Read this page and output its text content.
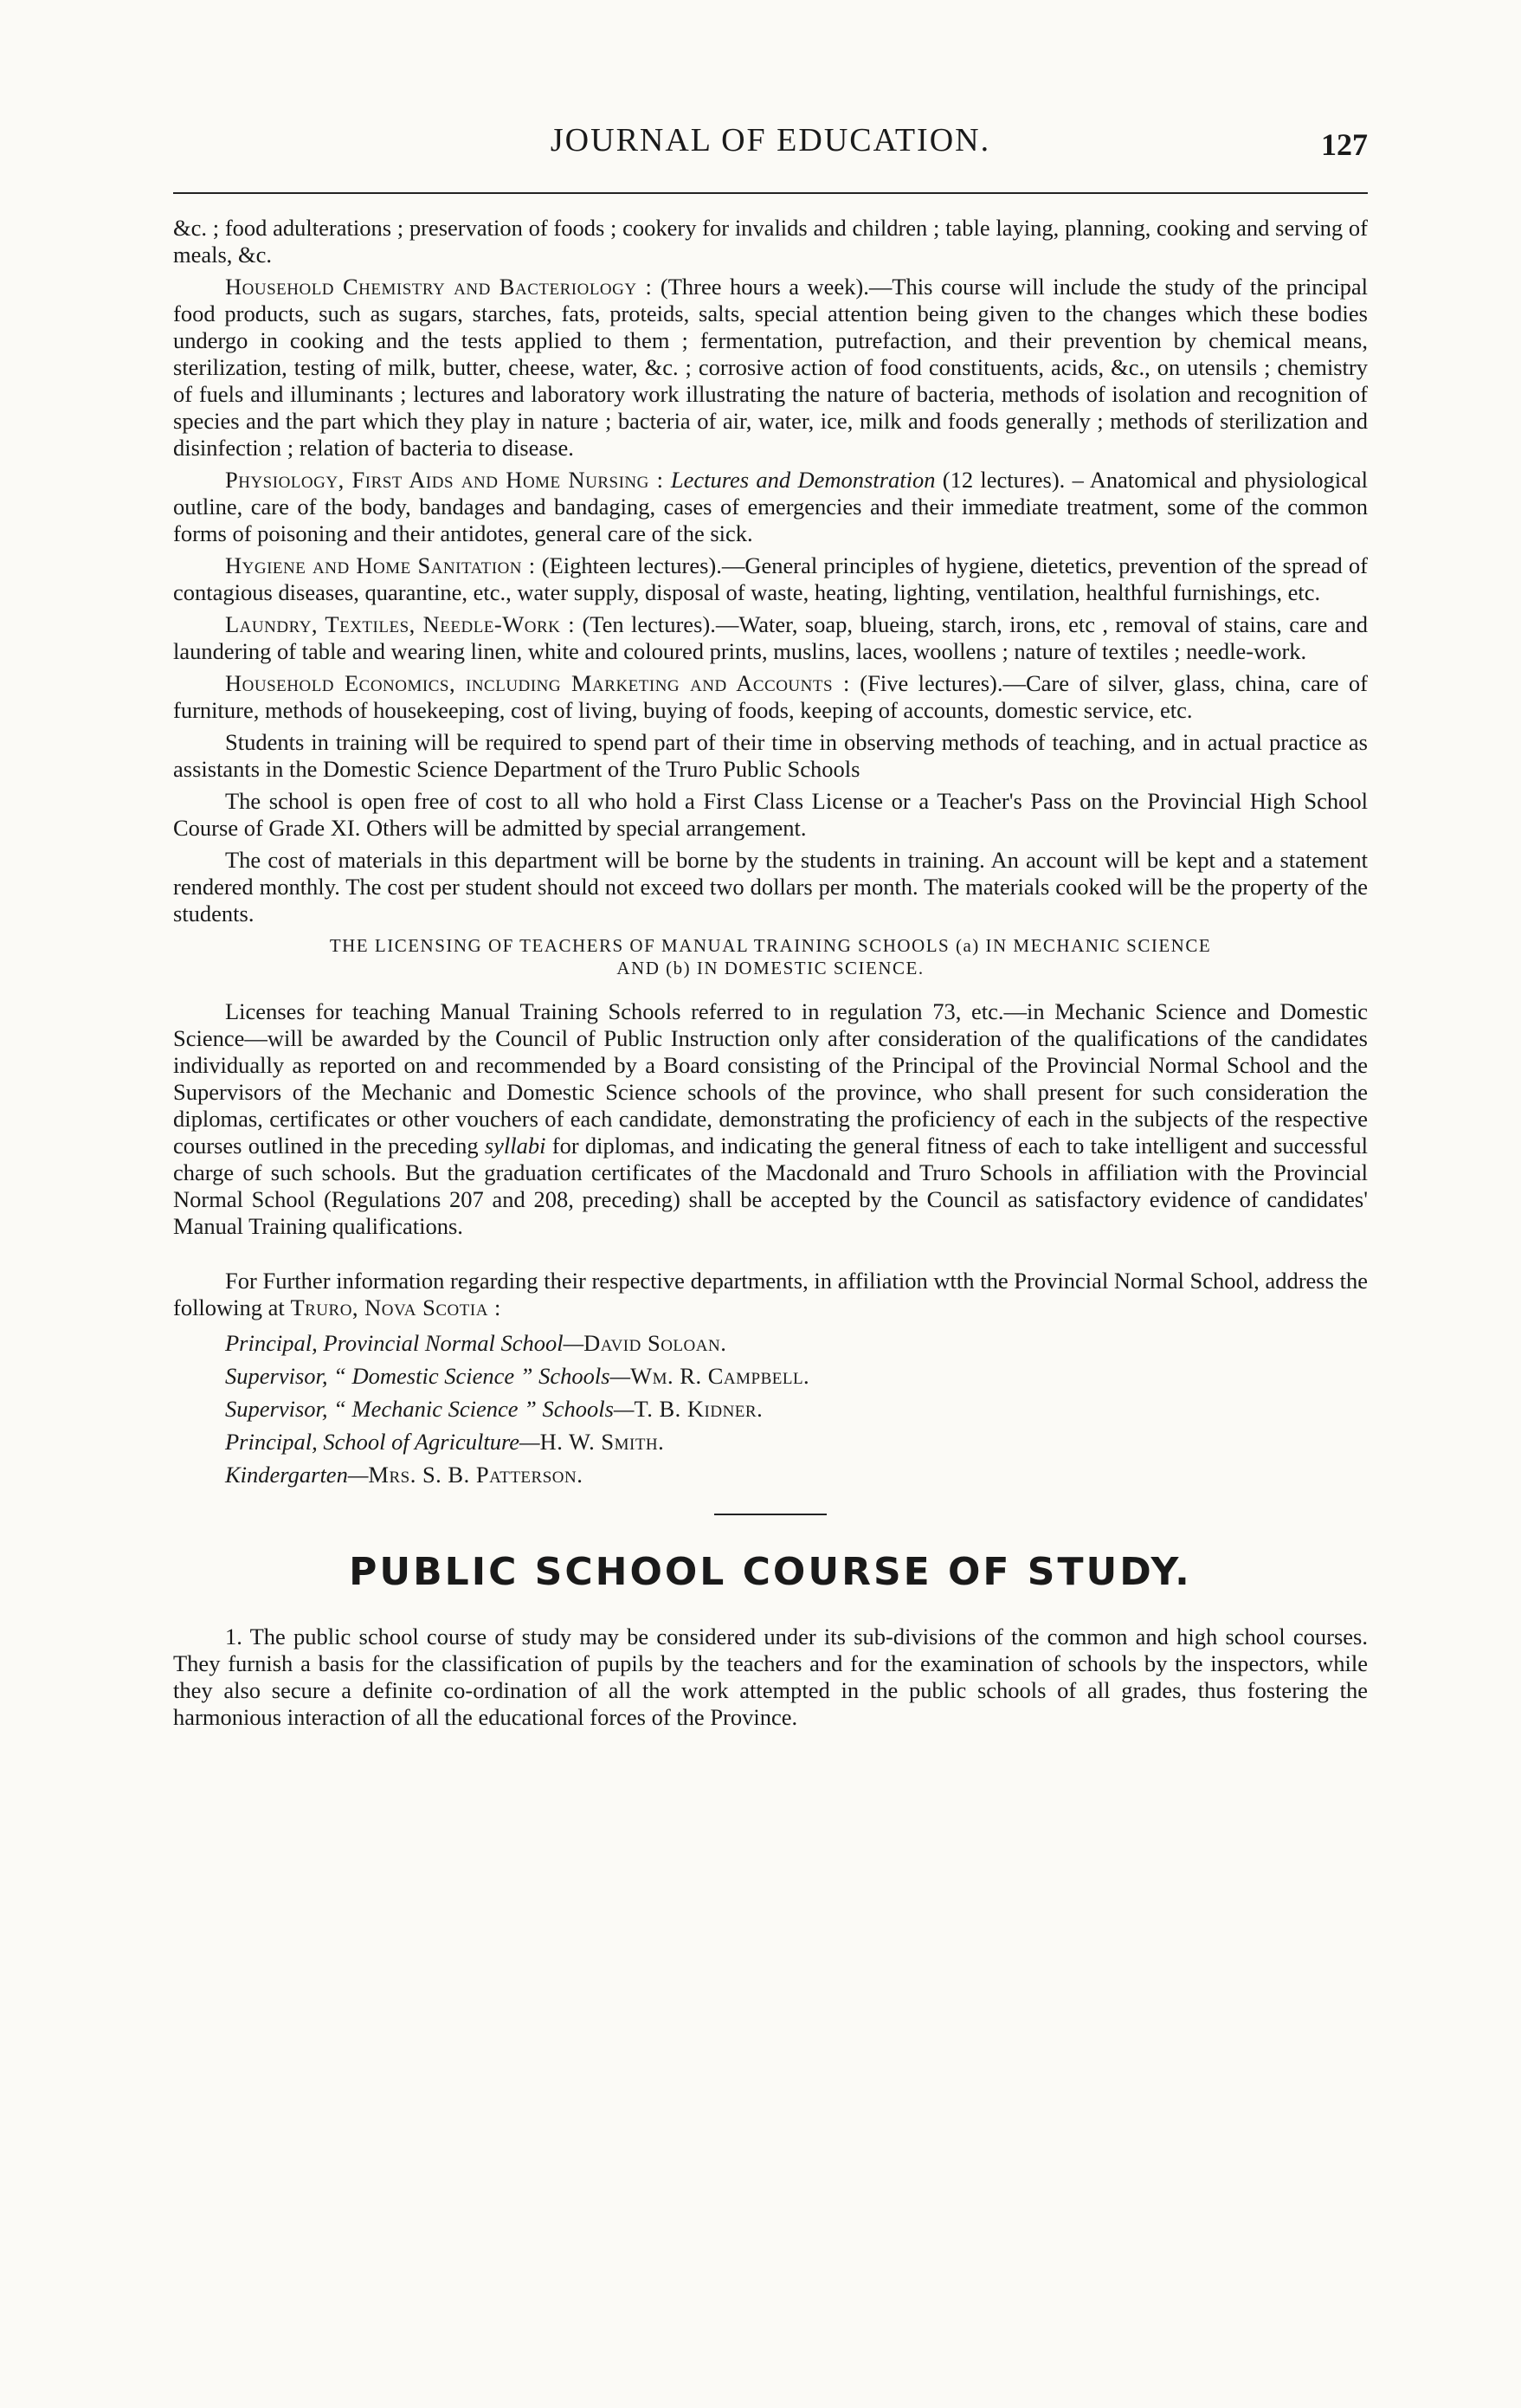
JOURNAL OF EDUCATION.	127

&c. ; food adulterations ; preservation of foods ; cookery for invalids and children ; table laying, planning, cooking and serving of meals, &c.

Household Chemistry and Bacteriology : (Three hours a week).—This course will include the study of the principal food products, such as sugars, starches, fats, proteids, salts, special attention being given to the changes which these bodies undergo in cooking and the tests applied to them ; fermentation, putrefaction, and their prevention by chemical means, sterilization, testing of milk, butter, cheese, water, &c. ; corrosive action of food constituents, acids, &c., on utensils ; chemistry of fuels and illuminants ; lectures and laboratory work illustrating the nature of bacteria, methods of isolation and recognition of species and the part which they play in nature ; bacteria of air, water, ice, milk and foods generally ; methods of sterilization and disinfection ; relation of bacteria to disease.

Physiology, First Aids and Home Nursing : Lectures and Demonstration (12 lectures). – Anatomical and physiological outline, care of the body, bandages and bandaging, cases of emergencies and their immediate treatment, some of the common forms of poisoning and their antidotes, general care of the sick.

Hygiene and Home Sanitation : (Eighteen lectures).—General principles of hygiene, dietetics, prevention of the spread of contagious diseases, quarantine, etc., water supply, disposal of waste, heating, lighting, ventilation, healthful furnishings, etc.

Laundry, Textiles, Needle-Work : (Ten lectures).—Water, soap, blueing, starch, irons, etc , removal of stains, care and laundering of table and wearing linen, white and coloured prints, muslins, laces, woollens ; nature of textiles ; needle-work.

Household Economics, including Marketing and Accounts : (Five lectures).—Care of silver, glass, china, care of furniture, methods of housekeeping, cost of living, buying of foods, keeping of accounts, domestic service, etc.

Students in training will be required to spend part of their time in observing methods of teaching, and in actual practice as assistants in the Domestic Science Department of the Truro Public Schools

The school is open free of cost to all who hold a First Class License or a Teacher's Pass on the Provincial High School Course of Grade XI. Others will be admitted by special arrangement.

The cost of materials in this department will be borne by the students in training. An account will be kept and a statement rendered monthly. The cost per student should not exceed two dollars per month. The materials cooked will be the property of the students.

THE LICENSING OF TEACHERS OF MANUAL TRAINING SCHOOLS (a) IN MECHANIC SCIENCE
AND (b) IN DOMESTIC SCIENCE.

Licenses for teaching Manual Training Schools referred to in regulation 73, etc.—in Mechanic Science and Domestic Science—will be awarded by the Council of Public Instruction only after consideration of the qualifications of the candidates individually as reported on and recommended by a Board consisting of the Principal of the Provincial Normal School and the Supervisors of the Mechanic and Domestic Science schools of the province, who shall present for such consideration the diplomas, certificates or other vouchers of each candidate, demonstrating the proficiency of each in the subjects of the respective courses outlined in the preceding syllabi for diplomas, and indicating the general fitness of each to take intelligent and successful charge of such schools. But the graduation certificates of the Macdonald and Truro Schools in affiliation with the Provincial Normal School (Regulations 207 and 208, preceding) shall be accepted by the Council as satisfactory evidence of candidates' Manual Training qualifications.

For Further information regarding their respective departments, in affiliation wtth the Provincial Normal School, address the following at Truro, Nova Scotia :

Principal, Provincial Normal School—David Soloan.
Supervisor, “ Domestic Science ” Schools—Wm. R. Campbell.
Supervisor, “ Mechanic Science ” Schools—T. B. Kidner.
Principal, School of Agriculture—H. W. Smith.
Kindergarten—Mrs. S. B. Patterson.
PUBLIC SCHOOL COURSE OF STUDY.

1. The public school course of study may be considered under its sub-divisions of the common and high school courses. They furnish a basis for the classification of pupils by the teachers and for the examination of schools by the inspectors, while they also secure a definite co-ordination of all the work attempted in the public schools of all grades, thus fostering the harmonious interaction of all the educational forces of the Province.
